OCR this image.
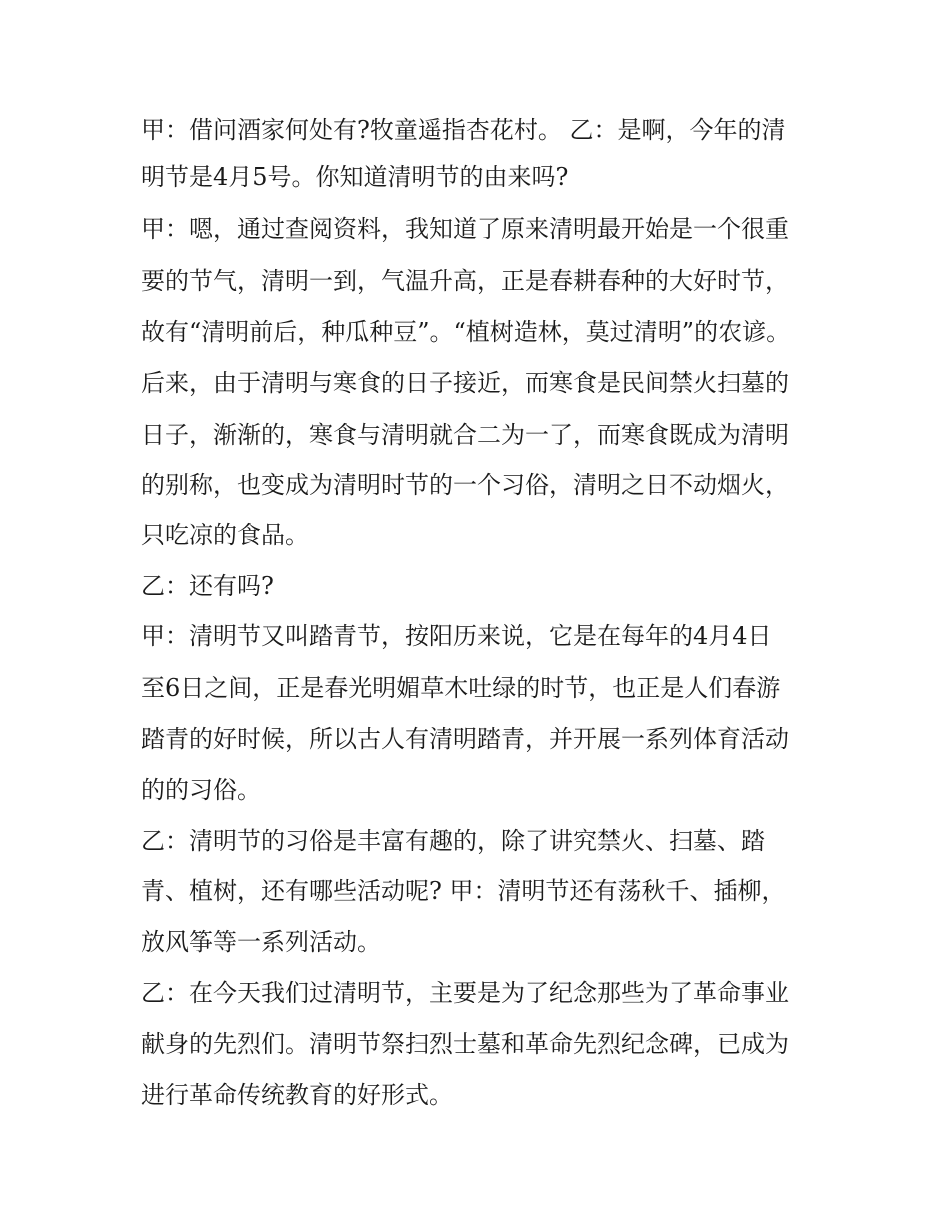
甲：借问酒家何处有?牧童遥指杏花村。 乙：是啊，今年的清

明节是4月5号。你知道清明节的由来吗?

甲：嗯，通过查阅资料，我知道了原来清明最开始是一个很重

要的节气，清明一到，气温升高，正是春耕春种的大好时节，

故有“清明前后，种瓜种豆”。“植树造林，莫过清明”的农谚。

后来，由于清明与寒食的日子接近，而寒食是民间禁火扫墓的

日子，渐渐的，寒食与清明就合二为一了，而寒食既成为清明

的别称，也变成为清明时节的一个习俗，清明之日不动烟火，

只吃凉的食品。

乙：还有吗?

甲：清明节又叫踏青节，按阳历来说，它是在每年的4月4日

至6日之间，正是春光明媚草木吐绿的时节，也正是人们春游

踏青的好时候，所以古人有清明踏青，并开展一系列体育活动

的的习俗。

乙：清明节的习俗是丰富有趣的，除了讲究禁火、扫墓、踏

青、植树，还有哪些活动呢? 甲：清明节还有荡秋千、插柳，

放风筝等一系列活动。

乙：在今天我们过清明节，主要是为了纪念那些为了革命事业

献身的先烈们。清明节祭扫烈士墓和革命先烈纪念碑，已成为

进行革命传统教育的好形式。
